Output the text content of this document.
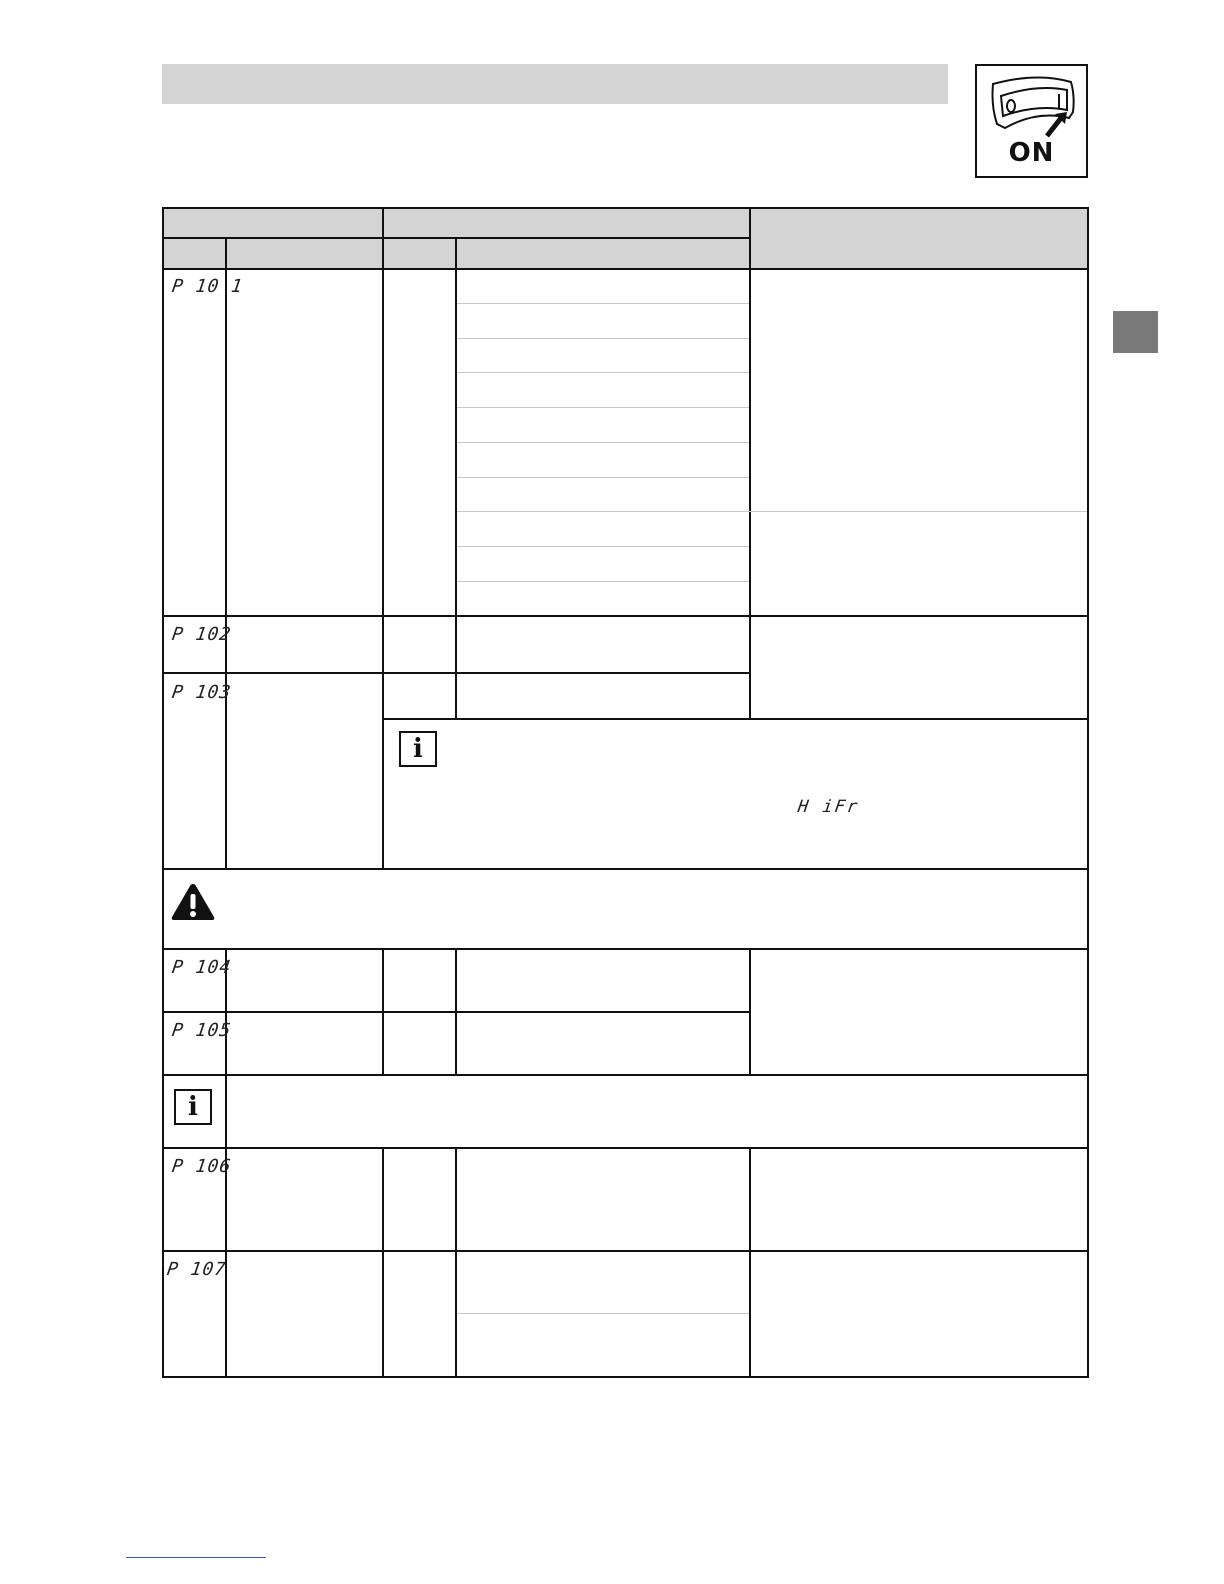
ON
P 10 1
P 102
P 103
P 104
P 105
P 106
P 107
i
H iFr
i
